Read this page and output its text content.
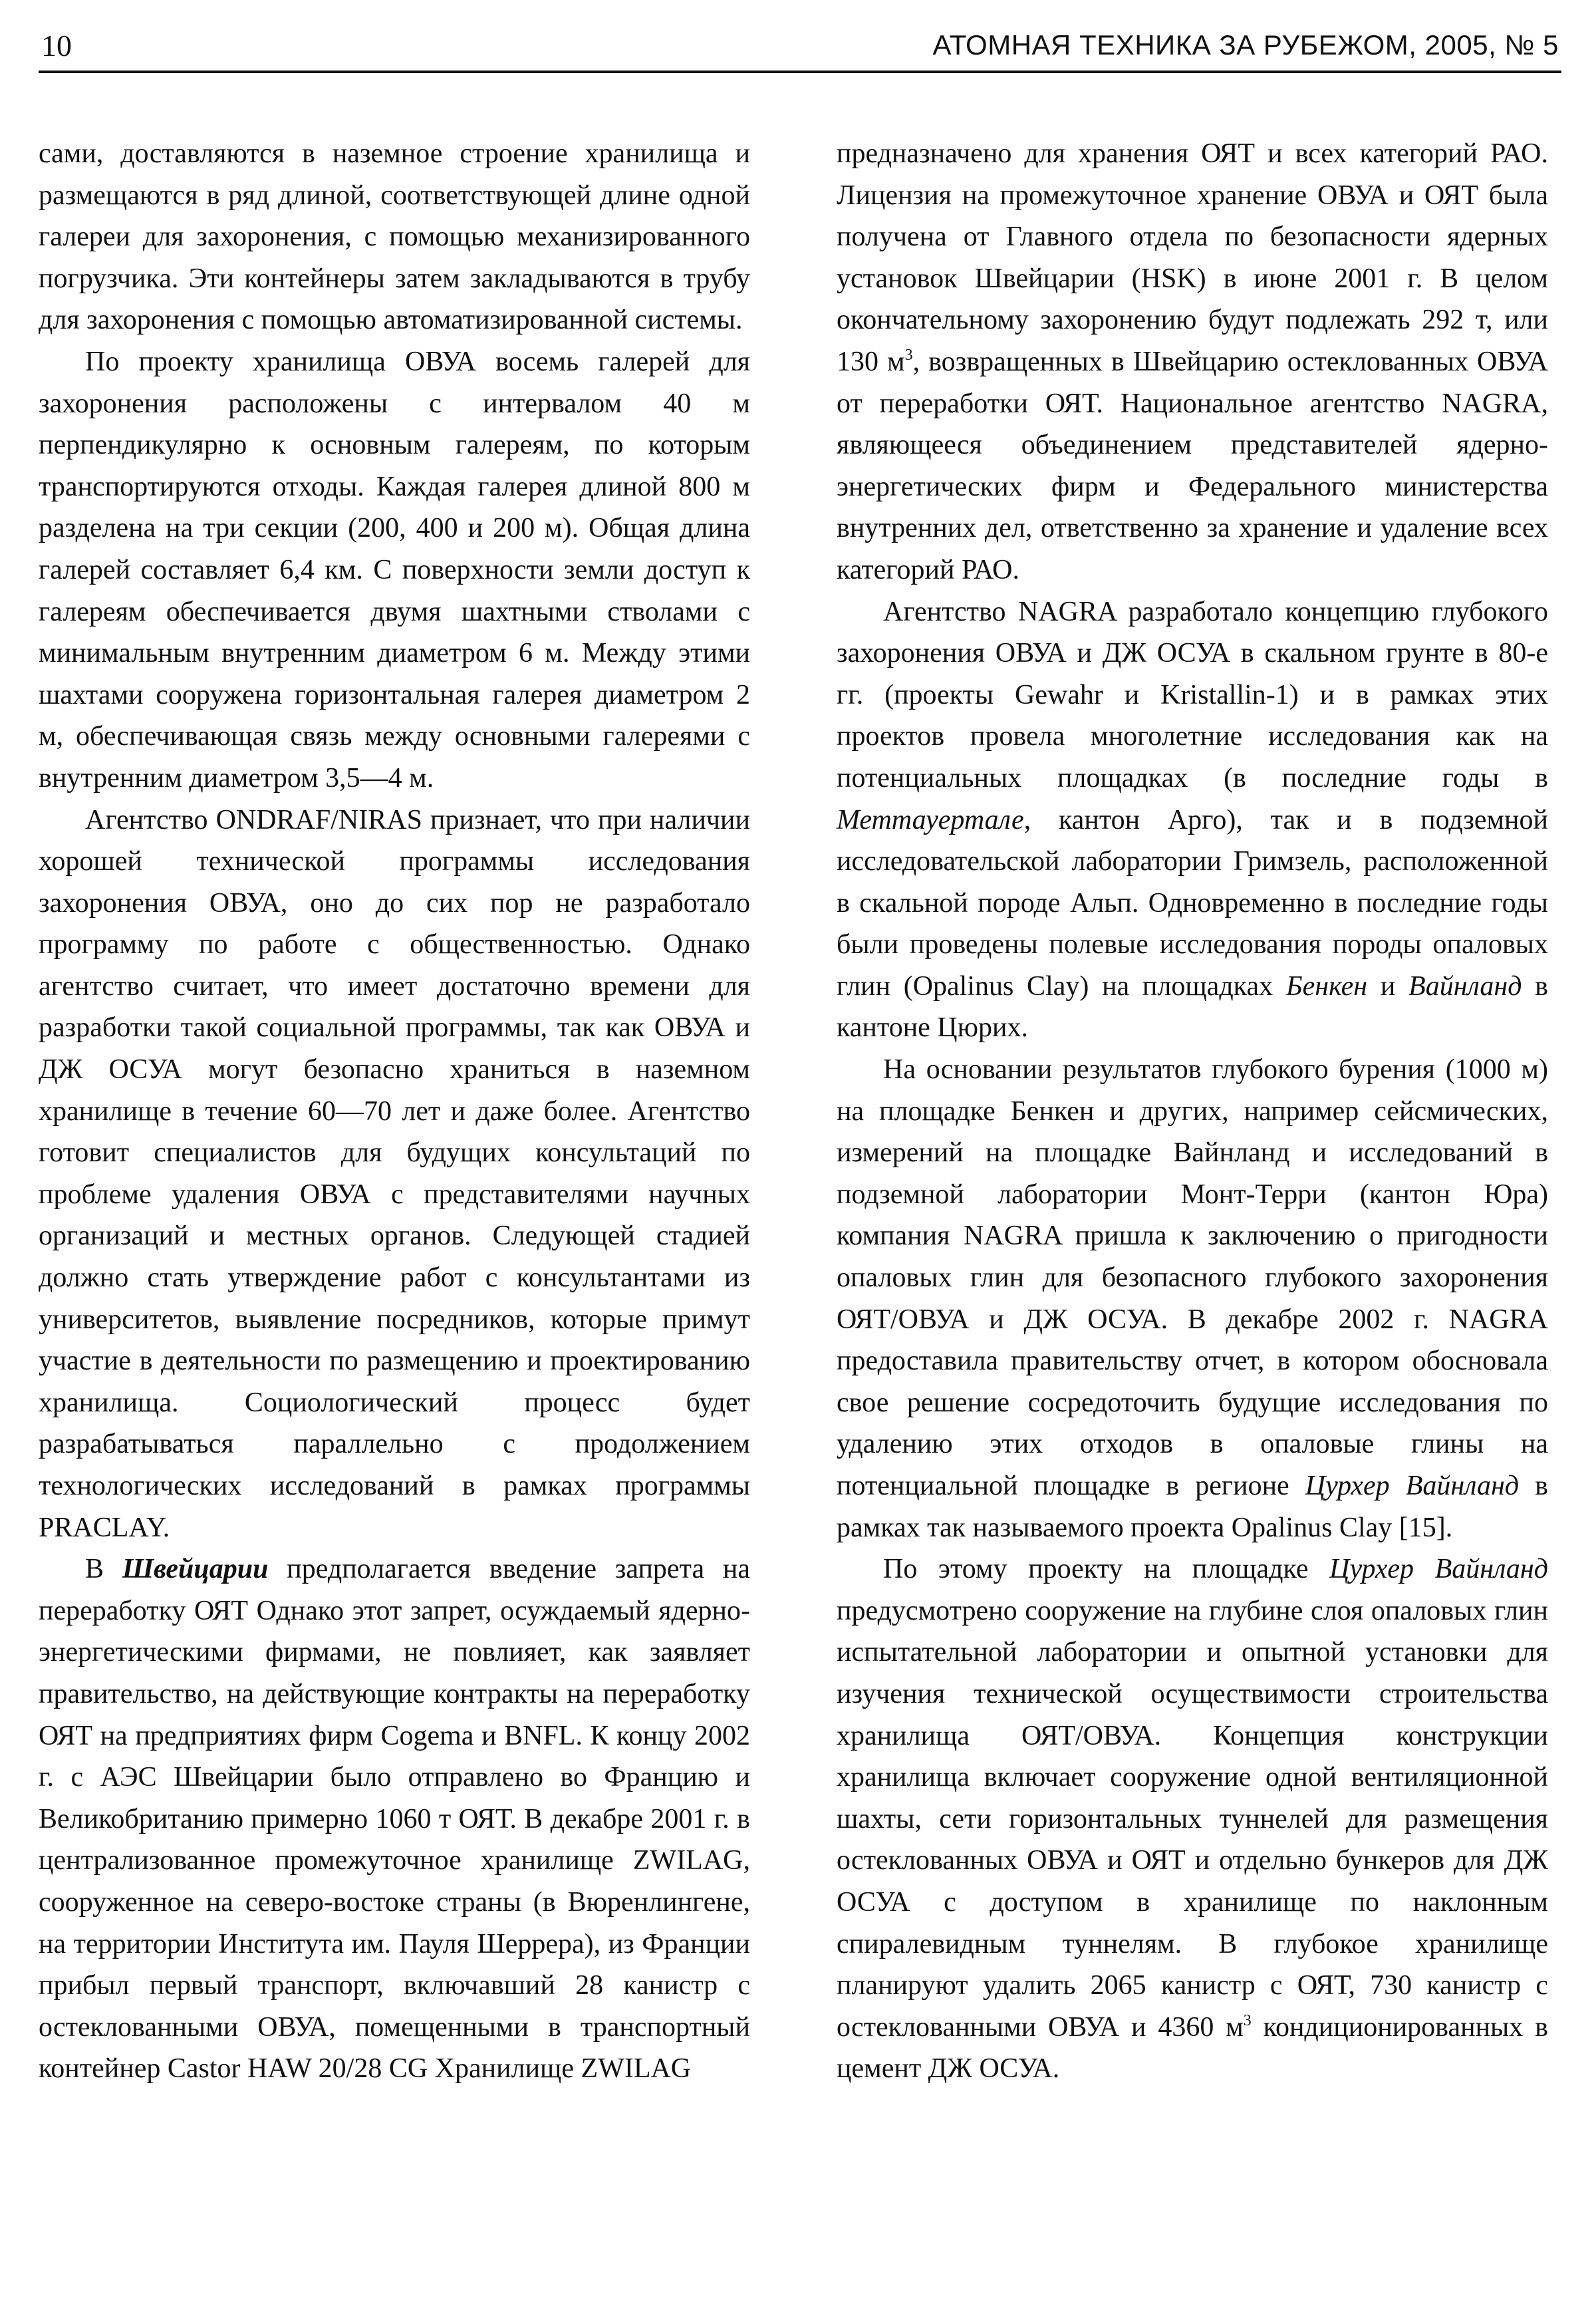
10	АТОМНАЯ ТЕХНИКА ЗА РУБЕЖОМ, 2005, № 5

сами, доставляются в наземное строение хранилища и размещаются в ряд длиной, соответствующей длине одной галереи для захоронения, с помощью механизированного погрузчика. Эти контейнеры затем закладываются в трубу для захоронения с помощью автоматизированной системы.

По проекту хранилища ОВУА восемь галерей для захоронения расположены с интервалом 40 м перпендикулярно к основным галереям, по которым транспортируются отходы. Каждая галерея длиной 800 м разделена на три секции (200, 400 и 200 м). Общая длина галерей составляет 6,4 км. С поверхности земли доступ к галереям обеспечивается двумя шахтными стволами с минимальным внутренним диаметром 6 м. Между этими шахтами сооружена горизонтальная галерея диаметром 2 м, обеспечивающая связь между основными галереями с внутренним диаметром 3,5—4 м.

Агентство ONDRAF/NIRAS признает, что при наличии хорошей технической программы исследования захоронения ОВУА, оно до сих пор не разработало программу по работе с общественностью. Однако агентство считает, что имеет достаточно времени для разработки такой социальной программы, так как ОВУА и ДЖ ОСУА могут безопасно храниться в наземном хранилище в течение 60—70 лет и даже более. Агентство готовит специалистов для будущих консультаций по проблеме удаления ОВУА с представителями научных организаций и местных органов. Следующей стадией должно стать утверждение работ с консультантами из университетов, выявление посредников, которые примут участие в деятельности по размещению и проектированию хранилища. Социологический процесс будет разрабатываться параллельно с продолжением технологических исследований в рамках программы PRACLAY.

В Швейцарии предполагается введение запрета на переработку ОЯТ Однако этот запрет, осуждаемый ядерно-энергетическими фирмами, не повлияет, как заявляет правительство, на действующие контракты на переработку ОЯТ на предприятиях фирм Cogema и BNFL. К концу 2002 г. с АЭС Швейцарии было отправлено во Францию и Великобританию примерно 1060 т ОЯТ. В декабре 2001 г. в централизованное промежуточное хранилище ZWILAG, сооруженное на северо-востоке страны (в Вюренлингене, на территории Института им. Пауля Шеррера), из Франции прибыл первый транспорт, включавший 28 канистр с остеклованными ОВУА, помещенными в транспортный контейнер Castor HAW 20/28 CG Хранилище ZWILAG

предназначено для хранения ОЯТ и всех категорий РАО. Лицензия на промежуточное хранение ОВУА и ОЯТ была получена от Главного отдела по безопасности ядерных установок Швейцарии (HSK) в июне 2001 г. В целом окончательному захоронению будут подлежать 292 т, или 130 $м^3$, возвращенных в Швейцарию остеклованных ОВУА от переработки ОЯТ. Национальное агентство NAGRA, являющееся объединением представителей ядерно-энергетических фирм и Федерального министерства внутренних дел, ответственно за хранение и удаление всех категорий РАО.

Агентство NAGRA разработало концепцию глубокого захоронения ОВУА и ДЖ ОСУА в скальном грунте в 80-е гг. (проекты Gewahr и Kristallin-1) и в рамках этих проектов провела многолетние исследования как на потенциальных площадках (в последние годы в Меттауертале, кантон Арго), так и в подземной исследовательской лаборатории Гримзель, расположенной в скальной породе Альп. Одновременно в последние годы были проведены полевые исследования породы опаловых глин (Opalinus Clay) на площадках Бенкен и Вайнланд в кантоне Цюрих.

На основании результатов глубокого бурения (1000 м) на площадке Бенкен и других, например сейсмических, измерений на площадке Вайнланд и исследований в подземной лаборатории Монт-Терри (кантон Юра) компания NAGRA пришла к заключению о пригодности опаловых глин для безопасного глубокого захоронения ОЯТ/ОВУА и ДЖ ОСУА. В декабре 2002 г. NAGRA предоставила правительству отчет, в котором обосновала свое решение сосредоточить будущие исследования по удалению этих отходов в опаловые глины на потенциальной площадке в регионе Цурхер Вайнланд в рамках так называемого проекта Opalinus Clay [15].

По этому проекту на площадке Цурхер Вайнланд предусмотрено сооружение на глубине слоя опаловых глин испытательной лаборатории и опытной установки для изучения технической осуществимости строительства хранилища ОЯТ/ОВУА. Концепция конструкции хранилища включает сооружение одной вентиляционной шахты, сети горизонтальных туннелей для размещения остеклованных ОВУА и ОЯТ и отдельно бункеров для ДЖ ОСУА с доступом в хранилище по наклонным спиралевидным туннелям. В глубокое хранилище планируют удалить 2065 канистр с ОЯТ, 730 канистр с остеклованными ОВУА и 4360 $м^3$ кондиционированных в цемент ДЖ ОСУА.
